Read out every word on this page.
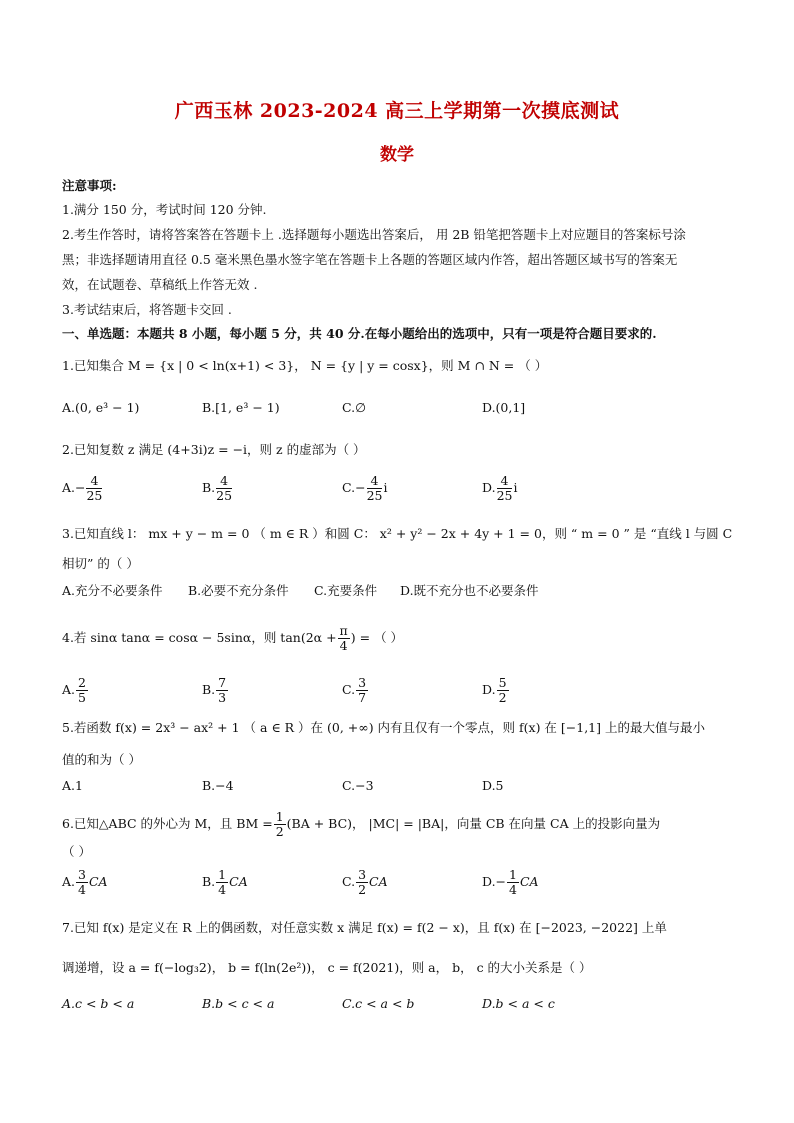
广西玉林 2023-2024 高三上学期第一次摸底测试
数学
注意事项:
1.满分 150 分，考试时间 120 分钟.
2.考生作答时，请将答案答在答题卡上 .选择题每小题选出答案后， 用 2B 铅笔把答题卡上对应题目的答案标号涂
黑；非选择题请用直径 0.5 毫米黑色墨水签字笔在答题卡上各题的答题区域内作答，超出答题区域书写的答案无
效，在试题卷、草稿纸上作答无效 .
3.考试结束后，将答题卡交回 .
一、单选题：本题共 8 小题，每小题 5 分，共 40 分.在每小题给出的选项中，只有一项是符合题目要求的.
1.已知集合 M = {x | 0 < ln(x+1) < 3}， N = {y | y = cosx}，则 M ∩ N = （ ）
A.(0, e³ − 1)	B.[1, e³ − 1)	C.∅	D.(0,1]
2.已知复数 z 满足 (4+3i)z = −i，则 z 的虚部为（ ）
$A.- \frac{4}{25}$	B. $\frac{4}{25}$	$C.- \frac{4}{25}$ i	D. $\frac{4}{25}$ i
3.已知直线 l： mx + y − m = 0 （ m ∈ R ）和圆 C： x² + y² − 2x + 4y + 1 = 0，则 “ m = 0 ” 是 “直线 l 与圆 C
相切” 的（ ）
A.充分不必要条件 B.必要不充分条件 C.充要条件 D.既不充分也不必要条件
4.若 sinα tanα = cosα − 5sinα，则 $\tan(2\alpha + \frac{\pi}{4}$ ) = （ ）
A. $\frac{2}{5}$	B. $\frac{7}{3}$	C. $\frac{3}{7}$	D. $\frac{5}{2}$
5.若函数 f(x) = 2x³ − ax² + 1 （ a ∈ R ）在 (0, +∞) 内有且仅有一个零点，则 f(x) 在 [−1,1] 上的最大值与最小
值的和为（ ）
A.1	B.−4	C.−3	D.5
6.已知△ABC 的外心为 M，且 BM = $\frac{1}{2} (BA + BC)$， |MC| = |BA|，向量 CB 在向量 CA 上的投影向量为
（ ）
A. $\frac{3}{4}$ CA	B. $\frac{1}{4}$ CA	C. $\frac{3}{2}$ CA	$D.- \frac{1}{4}$ CA
7.已知 f(x) 是定义在 R 上的偶函数，对任意实数 x 满足 f(x) = f(2 − x)，且 f(x) 在 [−2023, −2022] 上单
调递增，设 a = f(−log₃2)， b = f(ln(2e²))， c = f(2021)，则 a， b， c 的大小关系是（ ）
A.c < b < a	B.b < c < a	C.c < a < b	D.b < a < c
